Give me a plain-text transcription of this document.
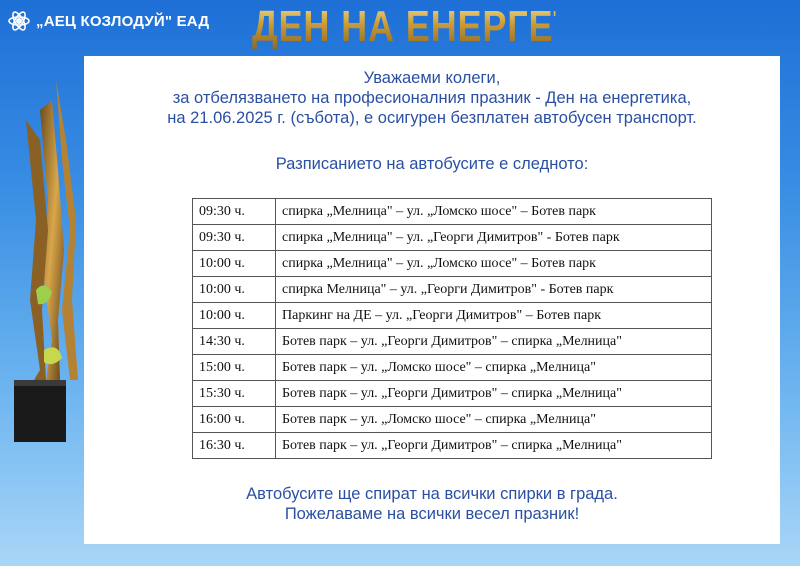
„АЕЦ КОЗЛОДУЙ" ЕАД ДЕН НА ЕНЕРГЕТИКА
Уважаеми колеги,
за отбелязването на професионалния празник - Ден на енергетика,
на 21.06.2025 г. (събота), е осигурен безплатен автобусен транспорт.
Разписанието на автобусите е следното:
09:30 ч.	спирка „Мелница" – ул. „Ломско шосе" – Ботев парк
09:30 ч.	спирка „Мелница" – ул. „Георги Димитров" - Ботев парк
10:00 ч.	спирка „Мелница" – ул. „Ломско шосе" – Ботев парк
10:00 ч.	спирка Мелница" – ул. „Георги Димитров" - Ботев парк
10:00 ч.	Паркинг на ДЕ – ул. „Георги Димитров" – Ботев парк
14:30 ч.	Ботев парк – ул. „Георги Димитров" – спирка „Мелница"
15:00 ч.	Ботев парк – ул. „Ломско шосе" – спирка „Мелница"
15:30 ч.	Ботев парк – ул. „Георги Димитров" – спирка „Мелница"
16:00 ч.	Ботев парк – ул. „Ломско шосе" – спирка „Мелница"
16:30 ч.	Ботев парк – ул. „Георги Димитров" – спирка „Мелница"
Автобусите ще спират на всички спирки в града.
Пожелаваме на всички весел празник!
